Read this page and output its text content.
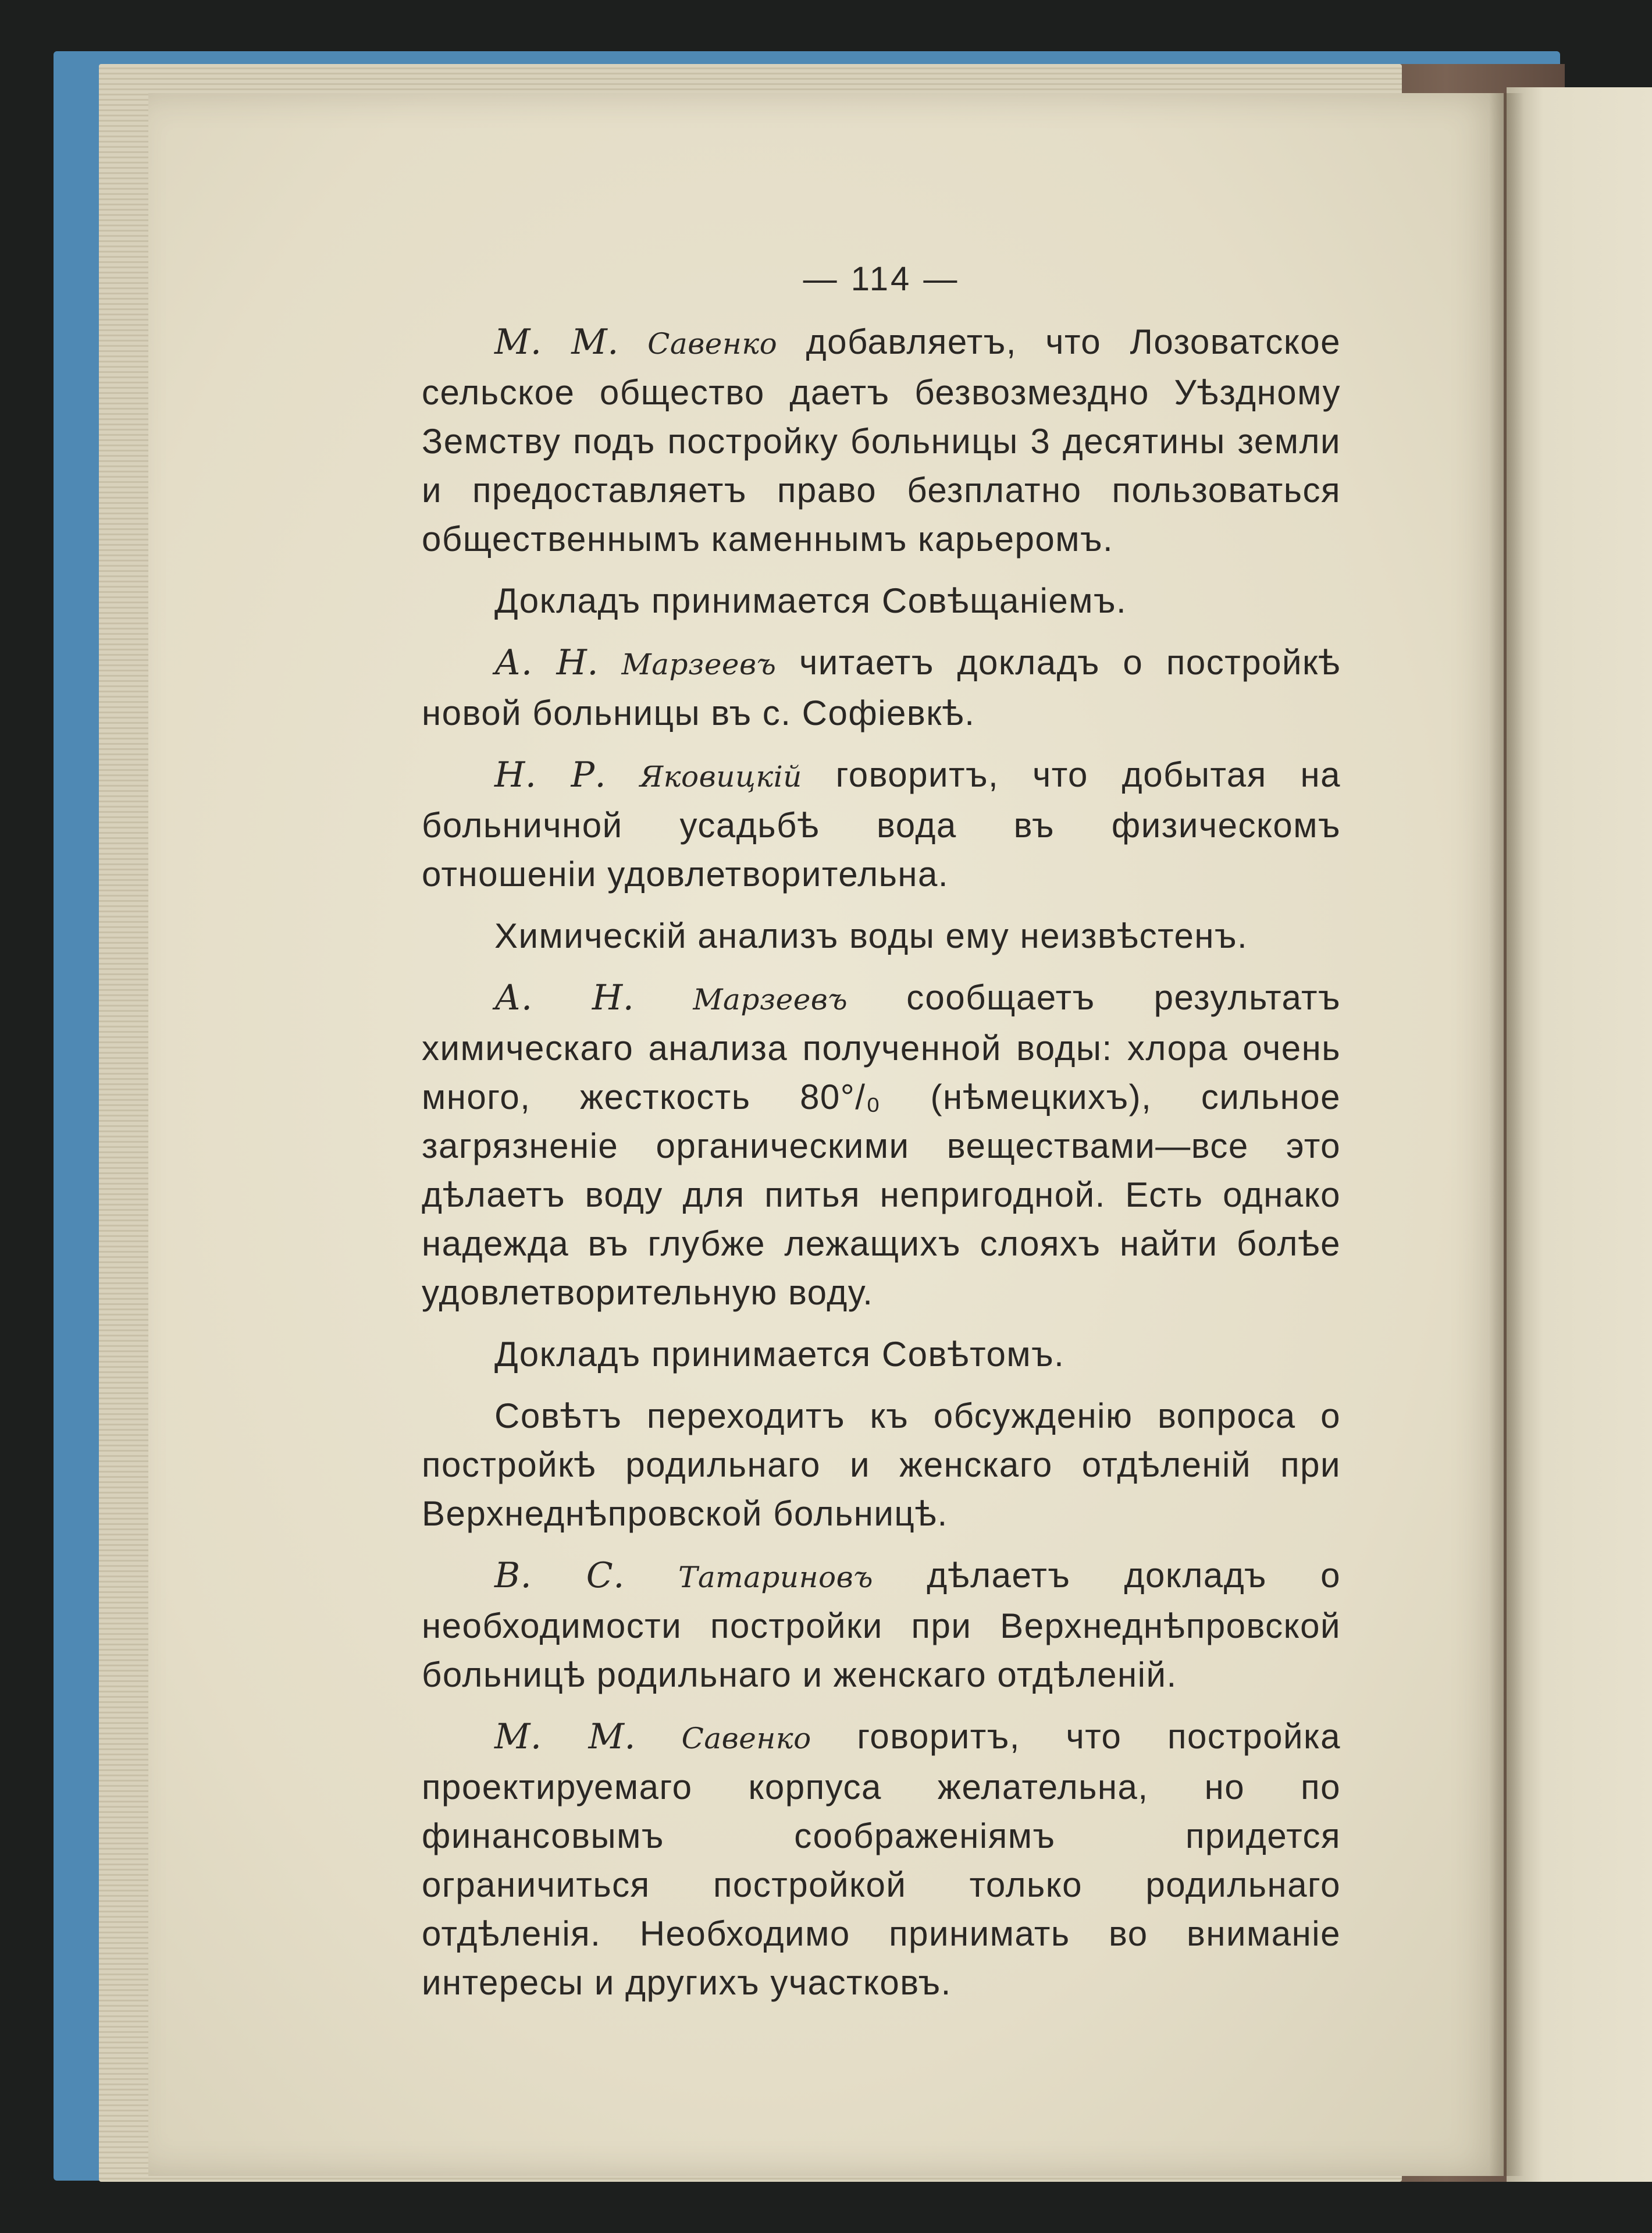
— 114 —

М. М. Савенко добавляетъ, что Лозоватское сельское общество даетъ безвозмездно Уѣздному Земству подъ постройку больницы 3 десятины земли и предоставляетъ право безплатно пользоваться общественнымъ каменнымъ карьеромъ.

Докладъ принимается Совѣщаніемъ.

А. Н. Марзеевъ читаетъ докладъ о постройкѣ новой больницы въ с. Софіевкѣ.

Н. Р. Яковицкій говоритъ, что добытая на больничной усадьбѣ вода въ физическомъ отношеніи удовлетворительна.

Химическій анализъ воды ему неизвѣстенъ.

А. Н. Марзеевъ сообщаетъ результатъ химическаго анализа полученной воды: хлора очень много, жесткость 80°/₀ (нѣмецкихъ), сильное загрязненіе органическими веществами—все это дѣлаетъ воду для питья непригодной. Есть однако надежда въ глубже лежащихъ слояхъ найти болѣе удовлетворительную воду.

Докладъ принимается Совѣтомъ.

Совѣтъ переходитъ къ обсужденію вопроса о постройкѣ родильнаго и женскаго отдѣленій при Верхнеднѣпровской больницѣ.

В. С. Татариновъ дѣлаетъ докладъ о необходимости постройки при Верхнеднѣпровской больницѣ родильнаго и женскаго отдѣленій.

М. М. Савенко говоритъ, что постройка проектируемаго корпуса желательна, но по финансовымъ соображеніямъ придется ограничиться постройкой только родильнаго отдѣленія. Необходимо принимать во вниманіе интересы и другихъ участковъ.
